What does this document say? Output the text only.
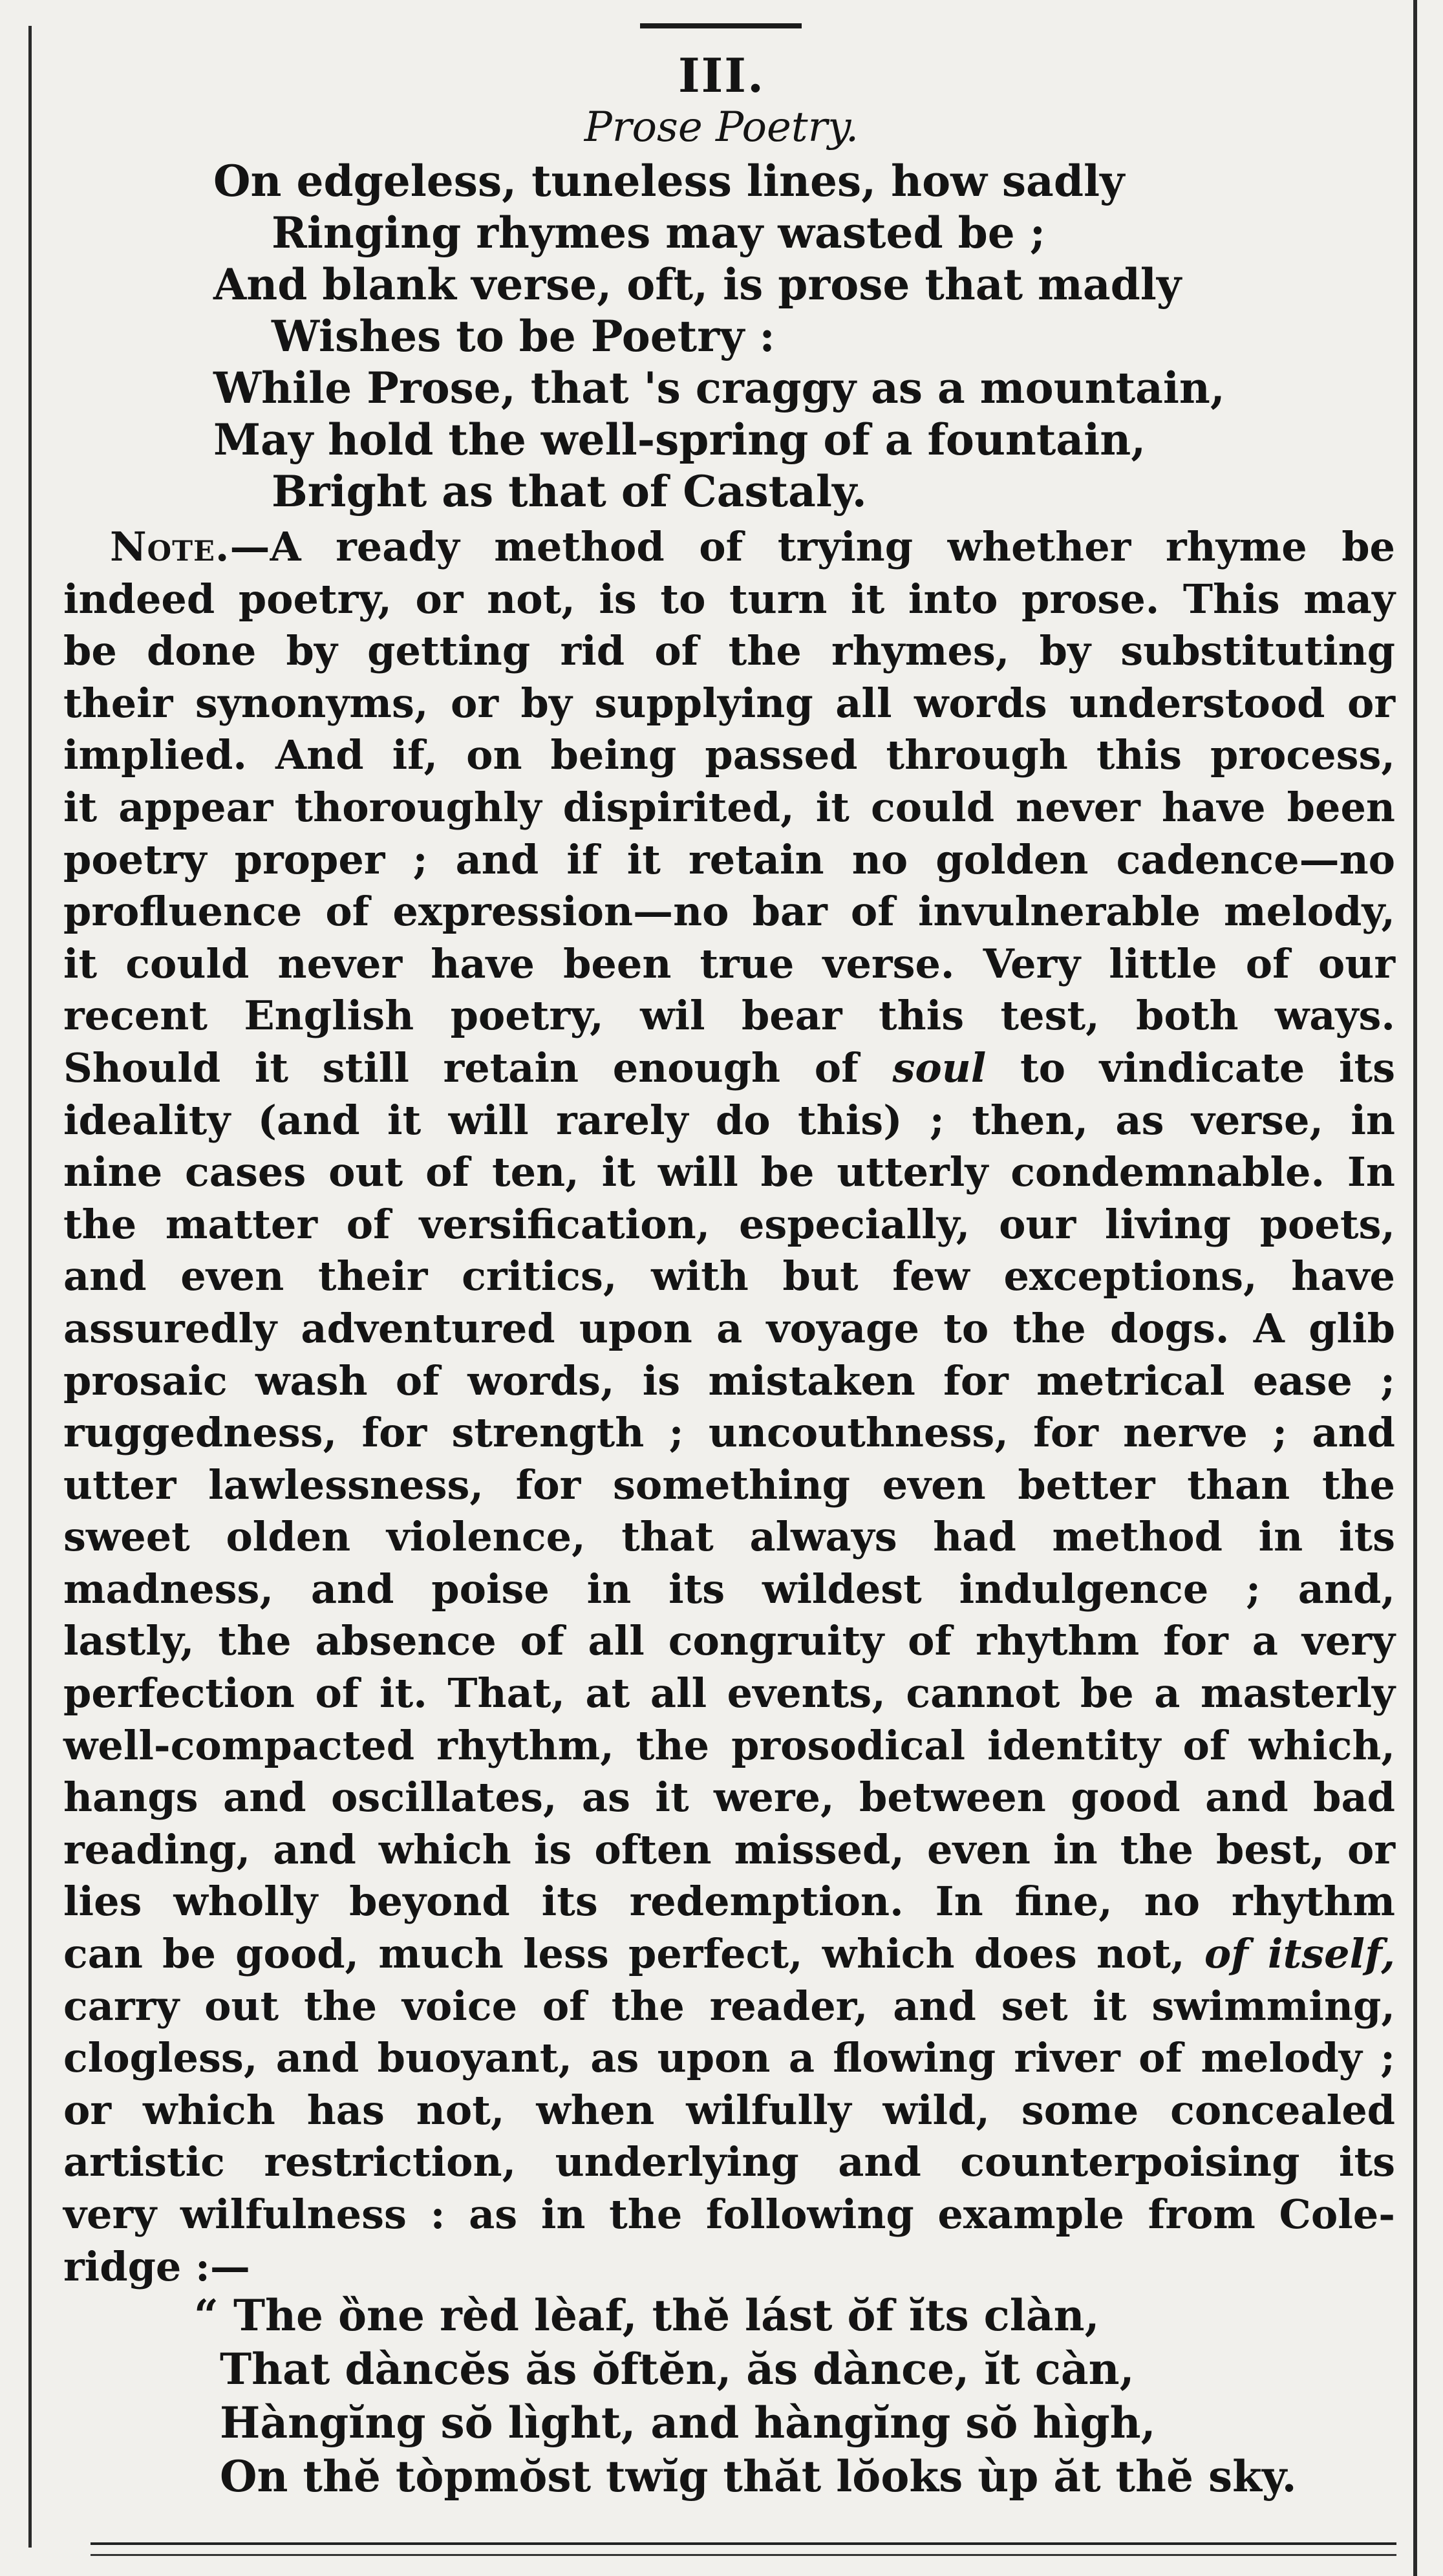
III.
Prose Poetry.
On edgeless, tuneless lines, how sadly
Ringing rhymes may wasted be ;
And blank verse, oft, is prose that madly
Wishes to be Poetry :
While Prose, that 's craggy as a mountain,
May hold the well-spring of a fountain,
Bright as that of Castaly.
Note.—A ready method of trying whether rhyme be
indeed poetry, or not, is to turn it into prose. This may
be done by getting rid of the rhymes, by substituting
their synonyms, or by supplying all words understood or
implied. And if, on being passed through this process,
it appear thoroughly dispirited, it could never have been
poetry proper ; and if it retain no golden cadence—no
profluence of expression—no bar of invulnerable melody,
it could never have been true verse. Very little of our
recent English poetry, wil bear this test, both ways.
Should it still retain enough of soul to vindicate its
ideality (and it will rarely do this) ; then, as verse, in
nine cases out of ten, it will be utterly condemnable. In
the matter of versification, especially, our living poets,
and even their critics, with but few exceptions, have
assuredly adventured upon a voyage to the dogs. A glib
prosaic wash of words, is mistaken for metrical ease ;
ruggedness, for strength ; uncouthness, for nerve ; and
utter lawlessness, for something even better than the
sweet olden violence, that always had method in its
madness, and poise in its wildest indulgence ; and,
lastly, the absence of all congruity of rhythm for a very
perfection of it. That, at all events, cannot be a masterly
well-compacted rhythm, the prosodical identity of which,
hangs and oscillates, as it were, between good and bad
reading, and which is often missed, even in the best, or
lies wholly beyond its redemption. In fine, no rhythm
can be good, much less perfect, which does not, of itself,
carry out the voice of the reader, and set it swimming,
clogless, and buoyant, as upon a flowing river of melody ;
or which has not, when wilfully wild, some concealed
artistic restriction, underlying and counterpoising its
very wilfulness : as in the following example from Cole-
ridge :—
“ The ȍne rèd lèaf, thĕ lást ŏf ĭts clàn,
That dàncĕs ăs ŏftĕn, ăs dànce, ĭt càn,
Hàngĭng sŏ lìght, and hàngĭng sŏ hìgh,
On thĕ tòpmŏst twĭg thăt lŏoks ùp ăt thĕ sky.
